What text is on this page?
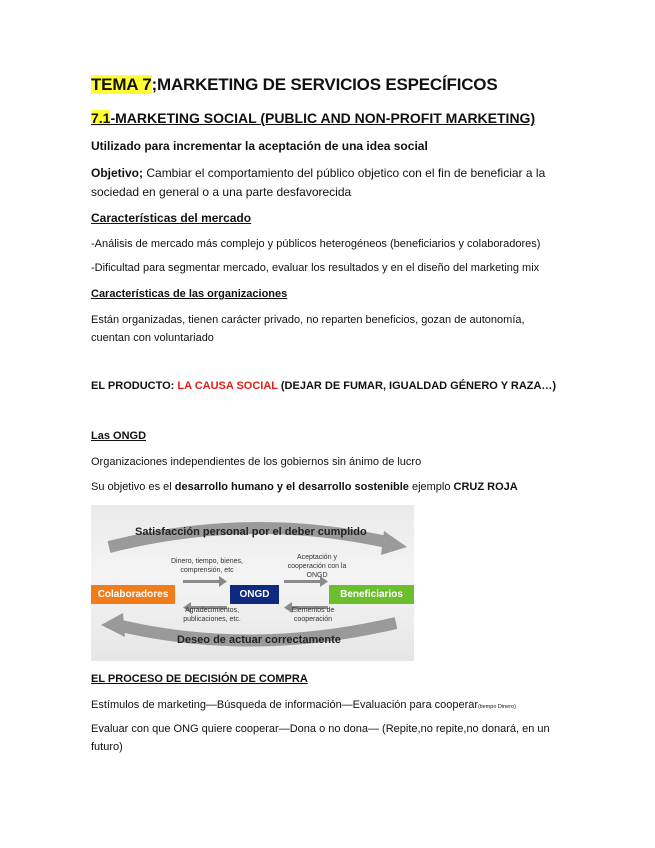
TEMA 7;MARKETING DE SERVICIOS ESPECÍFICOS
7.1-MARKETING SOCIAL (PUBLIC AND NON-PROFIT MARKETING)
Utilizado para incrementar la aceptación de una idea social
Objetivo; Cambiar el comportamiento del público objetico con el fin de beneficiar a la sociedad en general o a una parte desfavorecida
Características del mercado
-Análisis de mercado más complejo y públicos heterogéneos (beneficiarios y colaboradores)
-Dificultad para segmentar mercado, evaluar los resultados y en el diseño del marketing mix
Características de las organizaciones
Están organizadas, tienen carácter privado, no reparten beneficios, gozan de autonomía, cuentan con voluntariado
EL PRODUCTO: LA CAUSA SOCIAL (DEJAR DE FUMAR, IGUALDAD GÉNERO Y RAZA…)
Las ONGD
Organizaciones independientes de los gobiernos sin ánimo de lucro
Su objetivo es el desarrollo humano y el desarrollo sostenible ejemplo CRUZ ROJA
Satisfacción personal por el deber cumplido
Deseo de actuar correctamente
Dinero, tiempo, bienes, comprensión, etc
Aceptación y cooperación con la ONGD
Agradecimientos, publicaciones, etc.
Elementos de cooperación
Colaboradores	ONGD	Beneficiarios
EL PROCESO DE DECISIÓN DE COMPRA
Estímulos de marketing—Búsqueda de información—Evaluación para cooperar(tiempo Dinero)
Evaluar con que ONG quiere cooperar—Dona o no dona— (Repite,no repite,no donará, en un futuro)
